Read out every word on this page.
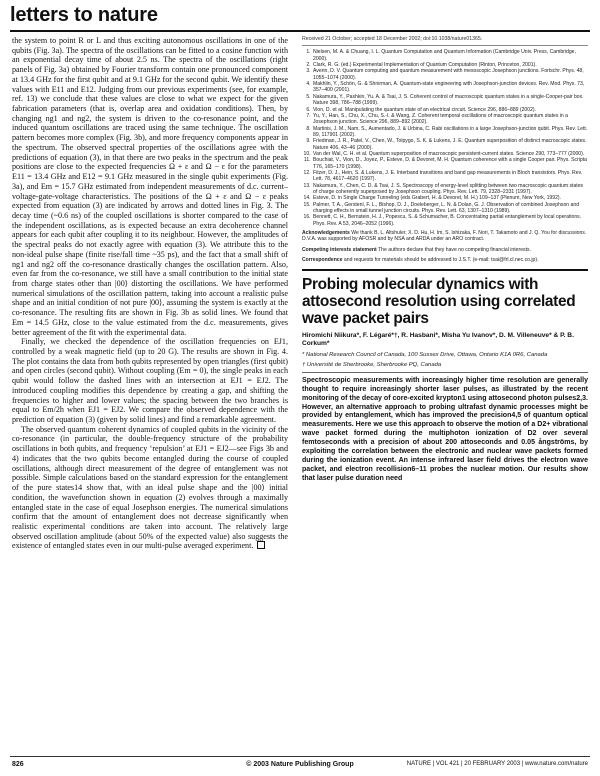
letters to nature

the system to point R or L and thus exciting autonomous oscillations in one of the qubits (Fig. 3a). The spectra of the oscillations can be fitted to a cosine function with an exponential decay time of about 2.5 ns. The spectra of the oscillations (right panels of Fig. 3a) obtained by Fourier transform contain one pronounced component at 13.4 GHz for the first qubit and at 9.1 GHz for the second qubit. We identify these values with E11 and E12. Judging from our previous experiments (see, for example, ref. 13) we conclude that these values are close to what we expect for the given fabrication parameters (that is, overlap area and oxidation conditions). Then, by changing ng1 and ng2, the system is driven to the co-resonance point, and the induced quantum oscillations are traced using the same technique. The oscillation pattern becomes more complex (Fig. 3b), and more frequency components appear in the spectrum. The observed spectral properties of the oscillations agree with the predictions of equation (3), in that there are two peaks in the spectrum and the peak positions are close to the expected frequencies Ω + ε and Ω − ε for the parameters E11 = 13.4 GHz and E12 = 9.1 GHz measured in the single qubit experiments (Fig. 3a), and Em = 15.7 GHz estimated from independent measurements of d.c. current–voltage-gate-voltage characteristics. The positions of the Ω + ε and Ω − ε peaks expected from equation (3) are indicated by arrows and dotted lines in Fig. 3. The decay time (~0.6 ns) of the coupled oscillations is shorter compared to the case of the independent oscillations, as is expected because an extra decoherence channel appears for each qubit after coupling it to its neighbour. However, the amplitudes of the spectral peaks do not exactly agree with equation (3). We attribute this to the non-ideal pulse shape (finite rise/fall time ~35 ps), and the fact that a small shift of ng1 and ng2 off the co-resonance drastically changes the oscillation pattern. Also, even far from the co-resonance, we still have a small contribution to the initial state from charge states other than |00⟩ distorting the oscillations. We have performed numerical simulations of the oscillation pattern, taking into account a realistic pulse shape and an initial condition of not pure |00⟩, assuming the system is exactly at the co-resonance. The resulting fits are shown in Fig. 3b as solid lines. We found that Em = 14.5 GHz, close to the value estimated from the d.c. measurements, gives better agreement of the fit with the experimental data.

Finally, we checked the dependence of the oscillation frequencies on EJ1, controlled by a weak magnetic field (up to 20 G). The results are shown in Fig. 4. The plot contains the data from both qubits represented by open triangles (first qubit) and open circles (second qubit). Without coupling (Em = 0), the single peaks in each qubit would follow the dashed lines with an intersection at EJ1 = EJ2. The introduced coupling modifies this dependence by creating a gap, and shifting the frequencies to higher and lower values; the spacing between the two branches is equal to Em/2h when EJ1 = EJ2. We compare the observed dependence with the prediction of equation (3) (given by solid lines) and find a remarkable agreement.

The observed quantum coherent dynamics of coupled qubits in the vicinity of the co-resonance (in particular, the double-frequency structure of the probability oscillations in both qubits, and frequency ‘repulsion’ at EJ1 = EJ2—see Figs 3b and 4) indicates that the two qubits become entangled during the course of coupled oscillations, although direct measurement of the degree of entanglement was not possible. Simple calculations based on the standard expression for the entanglement of the pure states14 show that, with an ideal pulse shape and the |00⟩ initial condition, the wavefunction shown in equation (2) evolves through a maximally entangled state in the case of equal Josephson energies. The numerical simulations confirm that the amount of entanglement does not decrease significantly when realistic experimental conditions are taken into account. The relatively large observed oscillation amplitude (about 50% of the expected value) also suggests the existence of entangled states even in our multi-pulse averaged experiment.

Received 21 October; accepted 18 December 2002; doi:10.1038/nature01365.
1. Nielsen, M. A. & Chuang, I. L. Quantum Computation and Quantum Information (Cambridge Univ. Press, Cambridge, 2000).
2. Clark, R. G. (ed.) Experimental Implementation of Quantum Computation (Rinton, Princeton, 2001).
3. Averin, D. V. Quantum computing and quantum measurement with mesoscopic Josephson junctions. Fortschr. Phys. 48, 1055–1074 (2000).
4. Makhlin, Y., Schön, G. & Shnirman, A. Quantum-state engineering with Josephson-junction devices. Rev. Mod. Phys. 73, 357–400 (2001).
5. Nakamura, Y., Pashkin, Yu. A. & Tsai, J. S. Coherent control of macroscopic quantum states in a single-Cooper-pair box. Nature 398, 786–788 (1999).
6. Vion, D. et al. Manipulating the quantum state of an electrical circuit. Science 296, 886–889 (2002).
7. Yu, Y., Han, S., Chu, X., Chu, S.-I. & Wang, Z. Coherent temporal oscillations of macroscopic quantum states in a Josephson junction. Science 296, 889–892 (2002).
8. Martinis, J. M., Nam, S., Aumentado, J. & Urbina, C. Rabi oscillations in a large Josephson-junction qubit. Phys. Rev. Lett. 89, 117901 (2002).
9. Friedman, J. R., Patel, V., Chen, W., Tolpygo, S. K. & Lukens, J. E. Quantum superposition of distinct macroscopic states. Nature 406, 43–46 (2000).
10. Van der Wal, C. H. et al. Quantum superposition of macroscopic persistent-current states. Science 290, 773–777 (2000).
11. Bouchiat, V., Vion, D., Joyez, P., Esteve, D. & Devoret, M. H. Quantum coherence with a single Cooper pair. Phys. Scripta T76, 165–170 (1998).
12. Fitzer, D. J., Hein, S. & Lukens, J. E. Interband transitions and band gap measurements in Bloch transistors. Phys. Rev. Lett. 78, 4617–4620 (1997).
13. Nakamura, Y., Chen, C. D. & Tsai, J. S. Spectroscopy of energy-level splitting between two macroscopic quantum states of charge coherently superposed by Josephson coupling. Phys. Rev. Lett. 79, 2328–2331 (1997).
14. Esteve, D. in Single Charge Tunneling (eds Grabert, H. & Devoret, M. H.) 109–137 (Plenum, New York, 1992).
15. Palmer, T. A., Gerstenl, F. L., Bishop, D. J., Doeleberger, L. N. & Dolan, G. J. Observation of combined Josephson and charging effects in small tunnel junction circuits. Phys. Rev. Lett. 63, 1307–1310 (1989).
16. Bennett, C. H., Bernstein, H. J., Popescu, S. & Schumacher, B. Concentrating partial entanglement by local operations. Phys. Rev. A 53, 2046–2052 (1996).

Acknowledgements We thank B. L. Altshuler, X. D. Hu, H. Im, S. Ishizaka, F. Nori, T. Takamoto and J. Q. You for discussions. D.V.A. was supported by AFOSR and by NSA and ARDA under an ARO contract.

Competing interests statement The authors declare that they have no competing financial interests.

Correspondence and requests for materials should be addressed to J.S.T. (e-mail: tsai@frl.cl.nec.co.jp).

Probing molecular dynamics with attosecond resolution using correlated wave packet pairs
Hiromichi Niikura*, F. Légaré*†, R. Hasbani*, Misha Yu Ivanov*, D. M. Villeneuve* & P. B. Corkum*
* National Research Council of Canada, 100 Sussex Drive, Ottawa, Ontario K1A 0R6, Canada
† Université de Sherbrooke, Sherbrooke PQ, Canada

Spectroscopic measurements with increasingly higher time resolution are generally thought to require increasingly shorter laser pulses, as illustrated by the recent monitoring of the decay of core-excited krypton1 using attosecond photon pulses2,3. However, an alternative approach to probing ultrafast dynamic processes might be provided by entanglement, which has improved the precision4,5 of quantum optical measurements. Here we use this approach to observe the motion of a D2+ vibrational wave packet formed during the multiphoton ionization of D2 over several femtoseconds with a precision of about 200 attoseconds and 0.05 ångströms, by exploiting the correlation between the electronic and nuclear wave packets formed during the ionization event. An intense infrared laser field drives the electron wave packet, and electron recollision6–11 probes the nuclear motion. Our results show that laser pulse duration need

826	© 2003 Nature Publishing Group	NATURE | VOL 421 | 20 FEBRUARY 2003 | www.nature.com/nature
